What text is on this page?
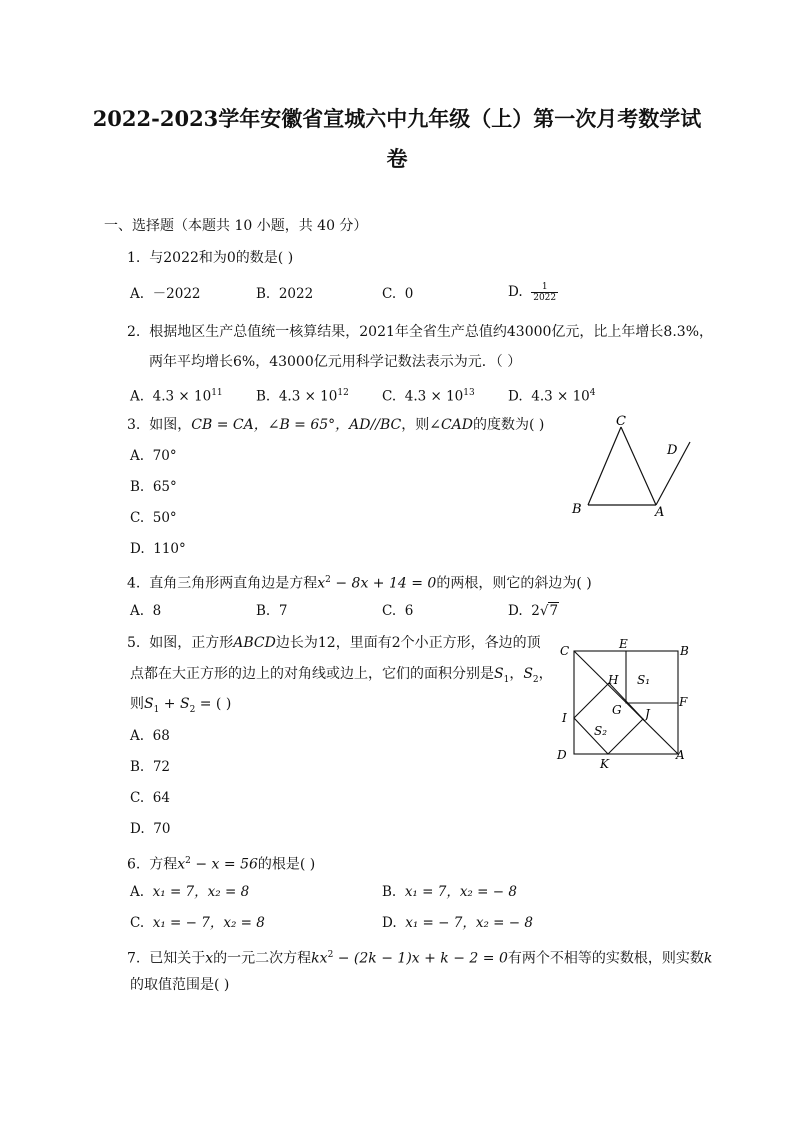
2022-2023学年安徽省宣城六中九年级（上）第一次月考数学试
卷
一、选择题（本题共 10 小题，共 40 分）
1. 与2022和为0的数是( )
A. －2022	B. 2022	C. 0	D. $\frac{1}{2022}$
2. 根据地区生产总值统一核算结果，2021年全省生产总值约43000亿元，比上年增长8.3%，
两年平均增长6%，43000亿元用科学记数法表示为元．（ ）
A. $4.3 \times 10^{11}$ B. $4.3 \times 10^{12}$ C. $4.3 \times 10^{13}$ D. $4.3 \times 10^4$
3. 如图，CB = CA，∠B = 65°，AD//BC，则∠CAD的度数为( )
A. 70°
B. 65°
C. 50°
D. 110°
C
D
B	A
4. 直角三角形两直角边是方程$x^2 - 8x + 14 = 0$的两根，则它的斜边为( )
A. 8	B. 7	C. 6	D. 2√7
5. 如图，正方形ABCD边长为12，里面有2个小正方形，各边的顶
点都在大正方形的边上的对角线或边上，它们的面积分别是$S_1$，$S_2$，
则$S_1 + S_2$ = ( )
A. 68
B. 72
C. 64
D. 70
C	E	B
H S₁
F
G J
I
S₂
D
K
A
6. 方程$x^2 - x = 56$的根是( )
A. x₁ = 7，x₂ = 8	B. x₁ = 7，x₂ = − 8
C. x₁ = − 7，x₂ = 8	D. x₁ = − 7，x₂ = − 8
7. 已知关于x的一元二次方程$kx^2 - (2k - 1)x + k - 2 = 0$有两个不相等的实数根，则实数k
的取值范围是( )
